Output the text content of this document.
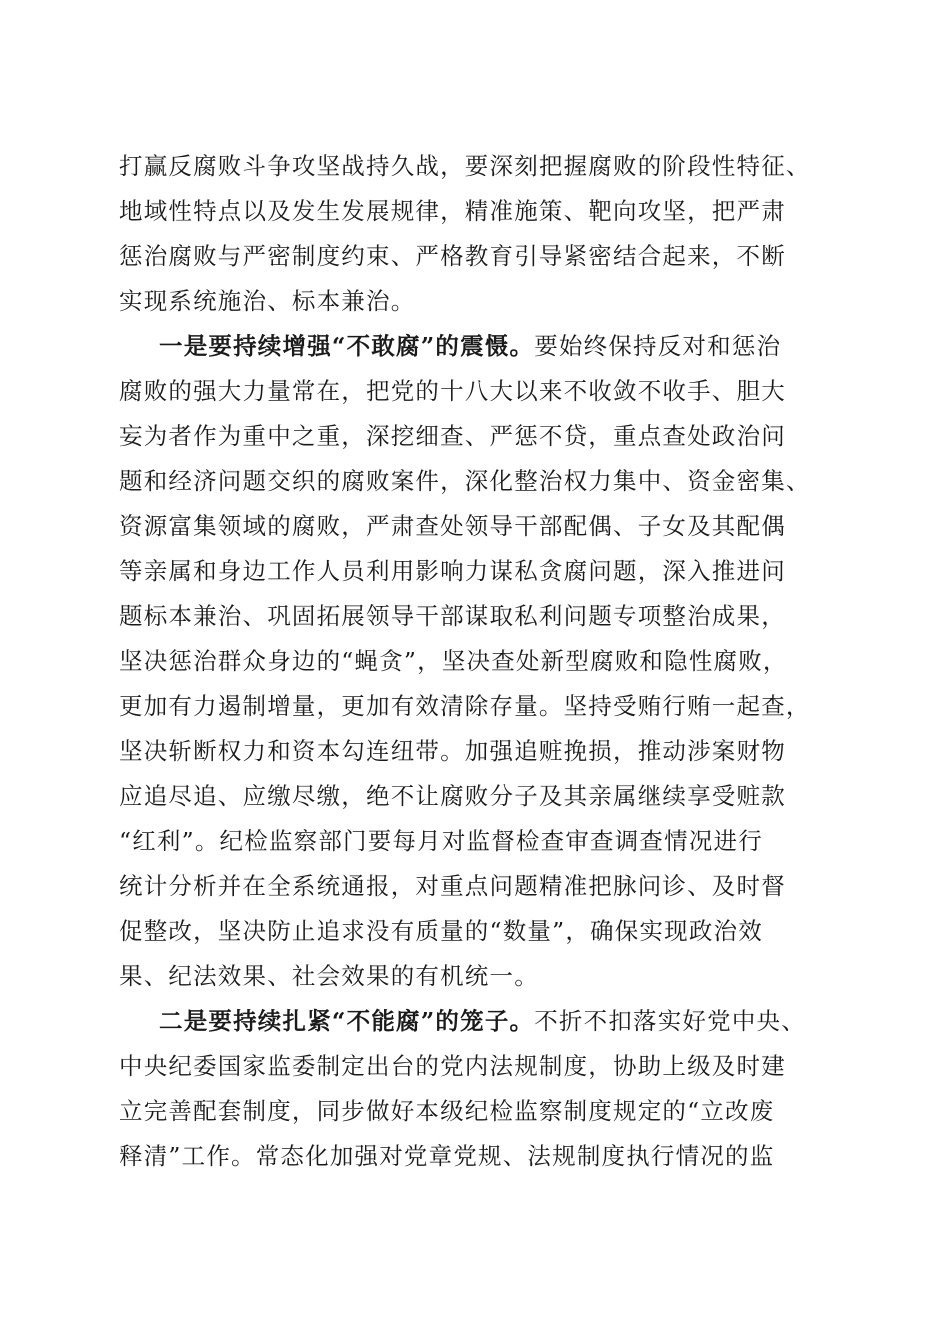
打赢反腐败斗争攻坚战持久战，要深刻把握腐败的阶段性特征、
地域性特点以及发生发展规律，精准施策、靶向攻坚，把严肃
惩治腐败与严密制度约束、严格教育引导紧密结合起来，不断
实现系统施治、标本兼治。
一是要持续增强“不敢腐”的震慑。要始终保持反对和惩治
腐败的强大力量常在，把党的十八大以来不收敛不收手、胆大
妄为者作为重中之重，深挖细查、严惩不贷，重点查处政治问
题和经济问题交织的腐败案件，深化整治权力集中、资金密集、
资源富集领域的腐败，严肃查处领导干部配偶、子女及其配偶
等亲属和身边工作人员利用影响力谋私贪腐问题，深入推进问
题标本兼治、巩固拓展领导干部谋取私利问题专项整治成果，
坚决惩治群众身边的“蝇贪”，坚决查处新型腐败和隐性腐败，
更加有力遏制增量，更加有效清除存量。坚持受贿行贿一起查，
坚决斩断权力和资本勾连纽带。加强追赃挽损，推动涉案财物
应追尽追、应缴尽缴，绝不让腐败分子及其亲属继续享受赃款
“红利”。纪检监察部门要每月对监督检查审查调查情况进行
统计分析并在全系统通报，对重点问题精准把脉问诊、及时督
促整改，坚决防止追求没有质量的“数量”，确保实现政治效
果、纪法效果、社会效果的有机统一。
二是要持续扎紧“不能腐”的笼子。不折不扣落实好党中央、
中央纪委国家监委制定出台的党内法规制度，协助上级及时建
立完善配套制度，同步做好本级纪检监察制度规定的“立改废
释清”工作。常态化加强对党章党规、法规制度执行情况的监
